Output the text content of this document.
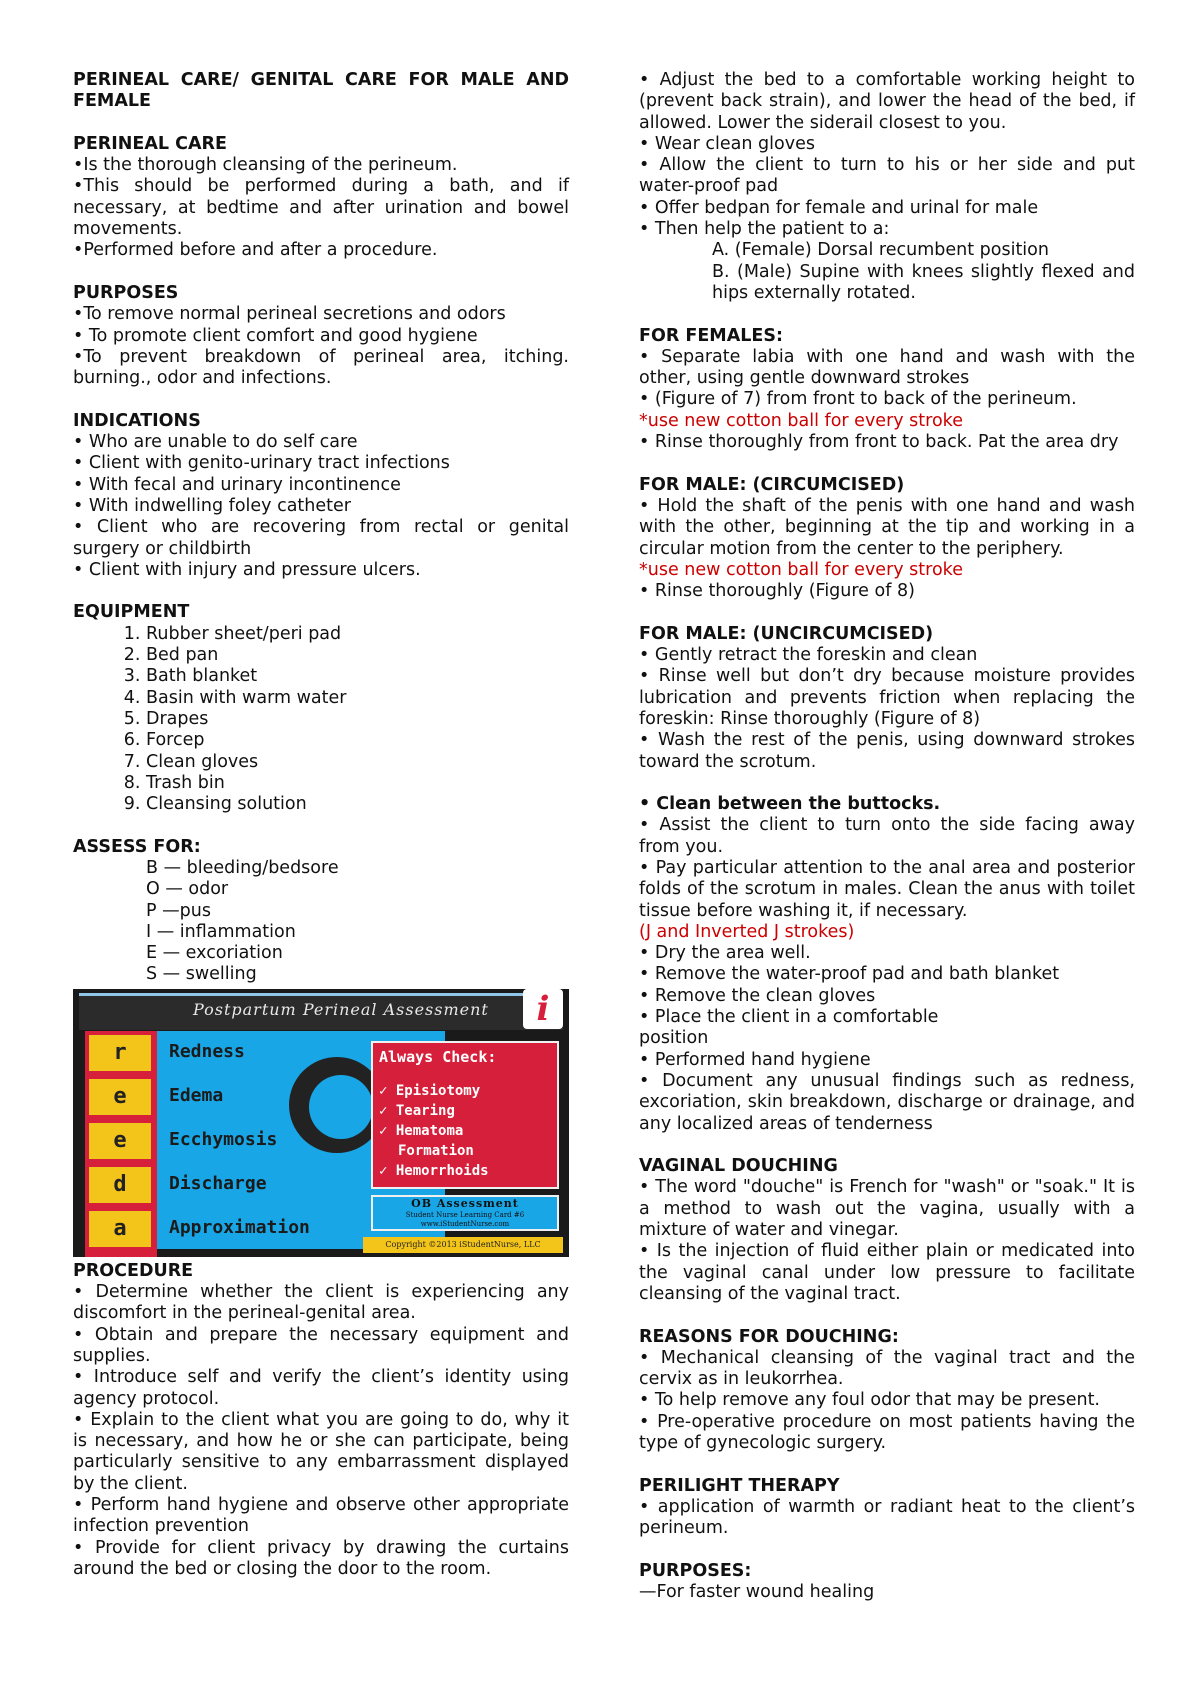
PERINEAL CARE/ GENITAL CARE FOR MALE AND FEMALE

PERINEAL CARE

•Is the thorough cleansing of the perineum.

•This should be performed during a bath, and if necessary, at bedtime and after urination and bowel movements.

•Performed before and after a procedure.

PURPOSES

•To remove normal perineal secretions and odors

• To promote client comfort and good hygiene

•To prevent breakdown of perineal area, itching. burning., odor and infections.

INDICATIONS

• Who are unable to do self care

• Client with genito-urinary tract infections

• With fecal and urinary incontinence

• With indwelling foley catheter

• Client who are recovering from rectal or genital surgery or childbirth

• Client with injury and pressure ulcers.

EQUIPMENT

1. Rubber sheet/peri pad
2. Bed pan
3. Bath blanket
4. Basin with warm water
5. Drapes
6. Forcep
7. Clean gloves
8. Trash bin
9. Cleansing solution

ASSESS FOR:

B — bleeding/bedsore

O — odor

P —pus

I — inflammation

E — excoriation

S — swelling

Postpartum Perineal Assessment	i
r
e
e
d
a
Redness
Edema
Ecchymosis
Discharge
Approximation
Always Check:
✓ Episiotomy
✓ Tearing
✓ Hematoma
Formation
✓ Hemorrhoids
OB Assessment
Student Nurse Learning Card #6
www.iStudentNurse.com
Copyright ©2013 iStudentNurse, LLC

PROCEDURE

• Determine whether the client is experiencing any discomfort in the perineal-genital area.

• Obtain and prepare the necessary equipment and supplies.

• Introduce self and verify the client’s identity using agency protocol.

• Explain to the client what you are going to do, why it is necessary, and how he or she can participate, being particularly sensitive to any embarrassment displayed by the client.

• Perform hand hygiene and observe other appropriate infection prevention

• Provide for client privacy by drawing the curtains around the bed or closing the door to the room.

• Adjust the bed to a comfortable working height to (prevent back strain), and lower the head of the bed, if allowed. Lower the siderail closest to you.

• Wear clean gloves

• Allow the client to turn to his or her side and put water-proof pad

• Offer bedpan for female and urinal for male

• Then help the patient to a:

A. (Female) Dorsal recumbent position

B. (Male) Supine with knees slightly flexed and hips externally rotated.

FOR FEMALES:

• Separate labia with one hand and wash with the other, using gentle downward strokes

• (Figure of 7) from front to back of the perineum.

*use new cotton ball for every stroke

• Rinse thoroughly from front to back. Pat the area dry

FOR MALE: (CIRCUMCISED)

• Hold the shaft of the penis with one hand and wash with the other, beginning at the tip and working in a circular motion from the center to the periphery.

*use new cotton ball for every stroke

• Rinse thoroughly (Figure of 8)

FOR MALE: (UNCIRCUMCISED)

• Gently retract the foreskin and clean

• Rinse well but don’t dry because moisture provides lubrication and prevents friction when replacing the foreskin: Rinse thoroughly (Figure of 8)

• Wash the rest of the penis, using downward strokes toward the scrotum.

• Clean between the buttocks.

• Assist the client to turn onto the side facing away from you.

• Pay particular attention to the anal area and posterior folds of the scrotum in males. Clean the anus with toilet tissue before washing it, if necessary.

(J and Inverted J strokes)

• Dry the area well.

• Remove the water-proof pad and bath blanket

• Remove the clean gloves

• Place the client in a comfortable

position

• Performed hand hygiene

• Document any unusual findings such as redness, excoriation, skin breakdown, discharge or drainage, and any localized areas of tenderness

VAGINAL DOUCHING

• The word "douche" is French for "wash" or "soak." It is a method to wash out the vagina, usually with a mixture of water and vinegar.

• Is the injection of fluid either plain or medicated into the vaginal canal under low pressure to facilitate cleansing of the vaginal tract.

REASONS FOR DOUCHING:

• Mechanical cleansing of the vaginal tract and the cervix as in leukorrhea.

• To help remove any foul odor that may be present.

• Pre-operative procedure on most patients having the type of gynecologic surgery.

PERILIGHT THERAPY

• application of warmth or radiant heat to the client’s perineum.

PURPOSES:

—For faster wound healing
